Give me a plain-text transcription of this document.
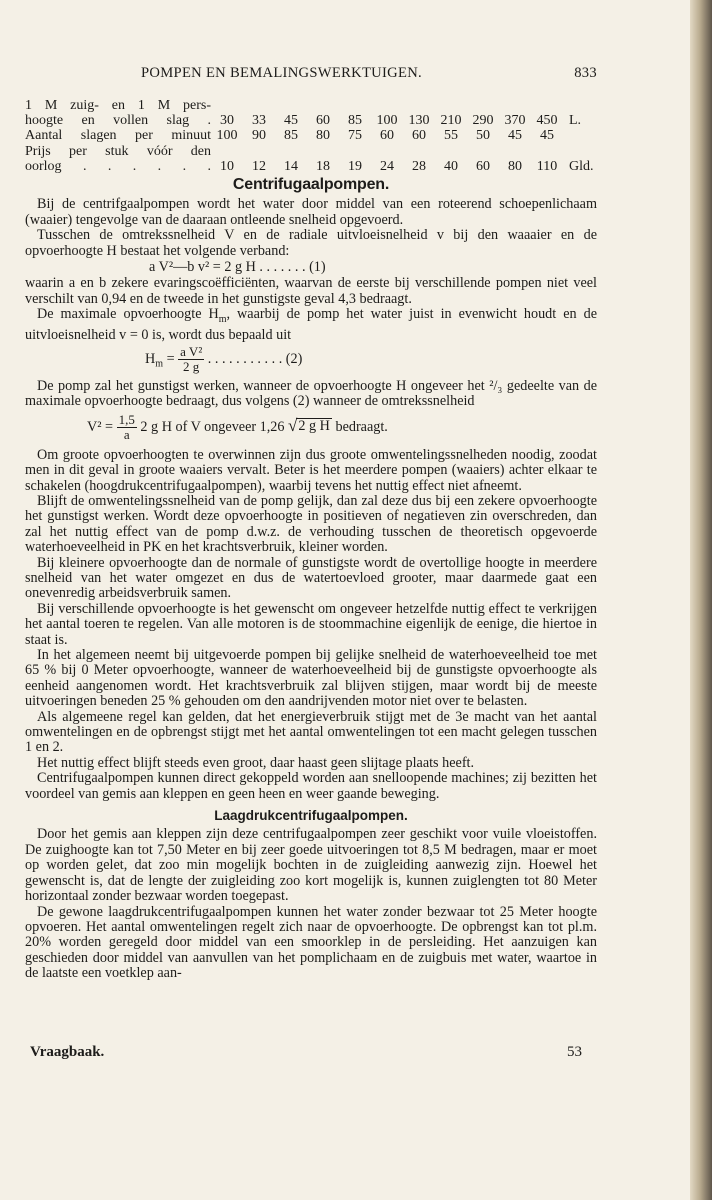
POMPEN EN BEMALINGSWERKTUIGEN.	833
1 M zuig- en 1 M pers-												
hoogte en vollen slag .	30	33	45	60	85	100	130	210	290	370	450	L.
Aantal slagen per minuut	100	90	85	80	75	60	60	55	50	45	45	
Prijs per stuk vóór den												
oorlog . . . . . .	10	12	14	18	19	24	28	40	60	80	110	Gld.
Centrifugaalpompen.

Bij de centrifgaalpompen wordt het water door middel van een roteerend schoepenlichaam (waaier) tengevolge van de daaraan ontleende snelheid opgevoerd.

Tusschen de omtrekssnelheid V en de radiale uitvloeisnelheid v bij den waaaier en de opvoerhoogte H bestaat het volgende verband:

a V²—b v² = 2 g H . . . . . . . (1)

waarin a en b zekere evaringscoëfficiënten, waarvan de eerste bij verschillende pompen niet veel verschilt van 0,94 en de tweede in het gunstigste geval 4,3 bedraagt.

De maximale opvoerhoogte $H_m$, waarbij de pomp het water juist in evenwicht houdt en de uitvloeisnelheid v = 0 is, wordt dus bepaald uit

$H_m = \frac{\text{a V²}}{2 g}$ . . . . . . . . . . . (2)

De pomp zal het gunstigst werken, wanneer de opvoerhoogte H ongeveer het ²/₃ gedeelte van de maximale opvoerhoogte bedraagt, dus volgens (2) wanneer de omtrekssnelheid

$V^2 = \frac{1,5}{a} 2$ g H of V ongeveer 1,26 √2 g H bedraagt.

Om groote opvoerhoogten te overwinnen zijn dus groote omwentelingssnelheden noodig, zoodat men in dit geval in groote waaiers vervalt. Beter is het meerdere pompen (waaiers) achter elkaar te schakelen (hoogdrukcentrifugaalpompen), waarbij tevens het nuttig effect niet afneemt.

Blijft de omwentelingssnelheid van de pomp gelijk, dan zal deze dus bij een zekere opvoerhoogte het gunstigst werken. Wordt deze opvoerhoogte in positieven of negatieven zin overschreden, dan zal het nuttig effect van de pomp d.w.z. de verhouding tusschen de theoretisch opgevoerde waterhoeveelheid in PK en het krachtsverbruik, kleiner worden.

Bij kleinere opvoerhoogte dan de normale of gunstigste wordt de overtollige hoogte in meerdere snelheid van het water omgezet en dus de watertoevloed grooter, maar daarmede gaat een onevenredig arbeidsverbruik samen.

Bij verschillende opvoerhoogte is het gewenscht om ongeveer hetzelfde nuttig effect te verkrijgen het aantal toeren te regelen. Van alle motoren is de stoommachine eigenlijk de eenige, die hiertoe in staat is.

In het algemeen neemt bij uitgevoerde pompen bij gelijke snelheid de waterhoeveelheid toe met 65 % bij 0 Meter opvoerhoogte, wanneer de waterhoeveelheid bij de gunstigste opvoerhoogte als eenheid aangenomen wordt. Het krachtsverbruik zal blijven stijgen, maar wordt bij de meeste uitvoeringen beneden 25 % gehouden om den aandrijvenden motor niet over te belasten.

Als algemeene regel kan gelden, dat het energieverbruik stijgt met de 3e macht van het aantal omwentelingen en de opbrengst stijgt met het aantal omwentelingen tot een macht gelegen tusschen 1 en 2.

Het nuttig effect blijft steeds even groot, daar haast geen slijtage plaats heeft.

Centrifugaalpompen kunnen direct gekoppeld worden aan snelloopende machines; zij bezitten het voordeel van gemis aan kleppen en geen heen en weer gaande beweging.

Laagdrukcentrifugaalpompen.

Door het gemis aan kleppen zijn deze centrifugaalpompen zeer geschikt voor vuile vloeistoffen. De zuighoogte kan tot 7,50 Meter en bij zeer goede uitvoeringen tot 8,5 M bedragen, maar er moet op worden gelet, dat zoo min mogelijk bochten in de zuigleiding aanwezig zijn. Hoewel het gewenscht is, dat de lengte der zuigleiding zoo kort mogelijk is, kunnen zuiglengten tot 80 Meter horizontaal zonder bezwaar worden toegepast.

De gewone laagdrukcentrifugaalpompen kunnen het water zonder bezwaar tot 25 Meter hoogte opvoeren. Het aantal omwentelingen regelt zich naar de opvoerhoogte. De opbrengst kan tot pl.m. 20% worden geregeld door middel van een smoorklep in de persleiding. Het aanzuigen kan geschieden door middel van aanvullen van het pomplichaam en de zuigbuis met water, waartoe in de laatste een voetklep aan-

Vraagbaak.	53
